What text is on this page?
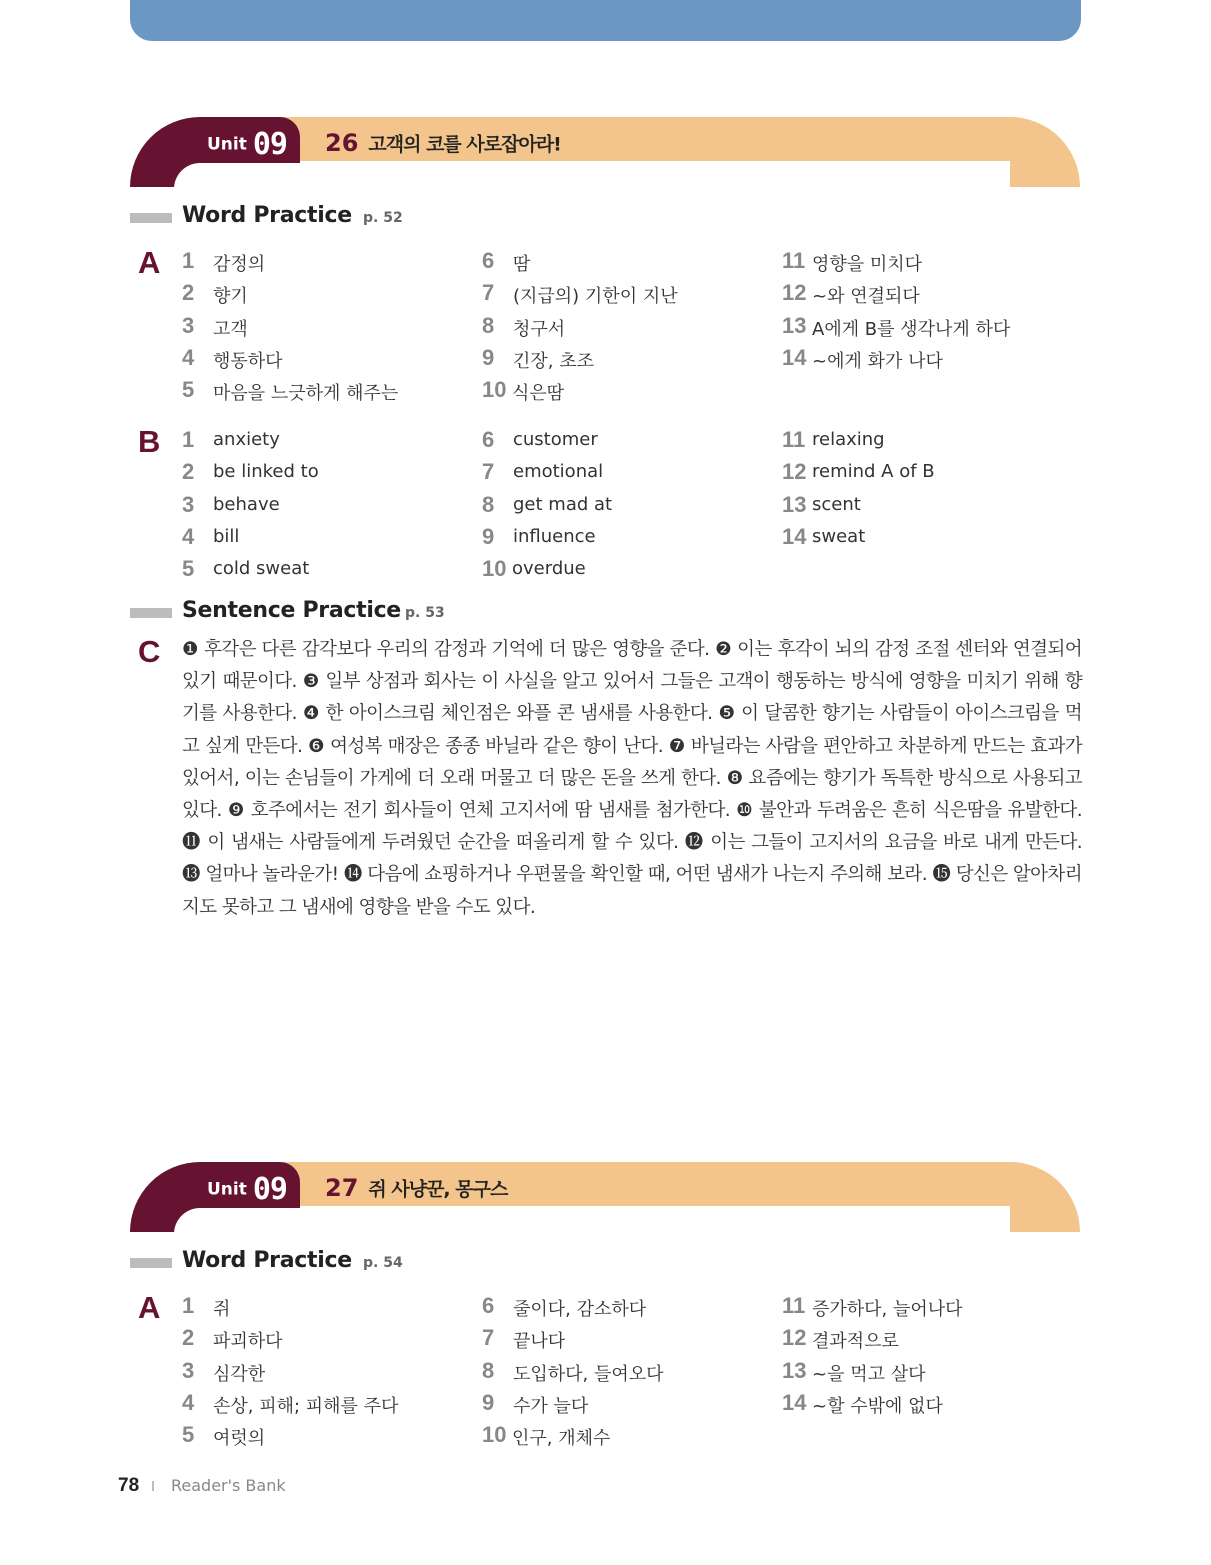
Unit 09 26 고객의 코를 사로잡아라!
Word Practice p. 52
A 1 감정의
2 향기
3 고객
4 행동하다
5 마음을 느긋하게 해주는
6 땀
7 (지급의) 기한이 지난
8 청구서
9 긴장, 초조
10 식은땀
11 영향을 미치다
12 ~와 연결되다
13 A에게 B를 생각나게 하다
14 ~에게 화가 나다
B 1 anxiety
2 be linked to
3 behave
4 bill
5 cold sweat
6 customer
7 emotional
8 get mad at
9 influence
10 overdue
11 relaxing
12 remind A of B
13 scent
14 sweat
Sentence Practice p. 53
C ❶ 후각은 다른 감각보다 우리의 감정과 기억에 더 많은 영향을 준다. ❷ 이는 후각이 뇌의 감정 조절 센터와 연결되어 있기 때문이다. ❸ 일부 상점과 회사는 이 사실을 알고 있어서 그들은 고객이 행동하는 방식에 영향을 미치기 위해 향기를 사용한다. ❹ 한 아이스크림 체인점은 와플 콘 냄새를 사용한다. ❺ 이 달콤한 향기는 사람들이 아이스크림을 먹고 싶게 만든다. ❻ 여성복 매장은 종종 바닐라 같은 향이 난다. ❼ 바닐라는 사람을 편안하고 차분하게 만드는 효과가 있어서, 이는 손님들이 가게에 더 오래 머물고 더 많은 돈을 쓰게 한다. ❽ 요즘에는 향기가 독특한 방식으로 사용되고 있다. ❾ 호주에서는 전기 회사들이 연체 고지서에 땀 냄새를 첨가한다. ❿ 불안과 두려움은 흔히 식은땀을 유발한다. ⓫ 이 냄새는 사람들에게 두려웠던 순간을 떠올리게 할 수 있다. ⓬ 이는 그들이 고지서의 요금을 바로 내게 만든다. ⓭ 얼마나 놀라운가! ⓮ 다음에 쇼핑하거나 우편물을 확인할 때, 어떤 냄새가 나는지 주의해 보라. ⓯ 당신은 알아차리지도 못하고 그 냄새에 영향을 받을 수도 있다.
Unit 09 27 쥐 사냥꾼, 몽구스
Word Practice p. 54
A 1 쥐
2 파괴하다
3 심각한
4 손상, 피해; 피해를 주다
5 여럿의
6 줄이다, 감소하다
7 끝나다
8 도입하다, 들여오다
9 수가 늘다
10 인구, 개체수
11 증가하다, 늘어나다
12 결과적으로
13 ~을 먹고 살다
14 ~할 수밖에 없다
78 I Reader's Bank
